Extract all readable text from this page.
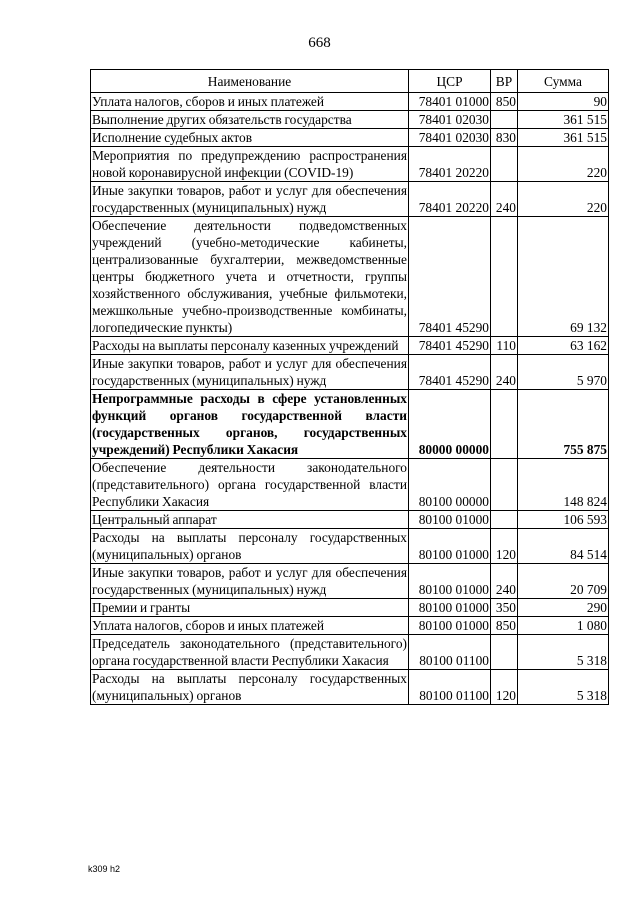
668
Наименование	ЦСР	ВР	Сумма
Уплата налогов, сборов и иных платежей	78401 01000	850	90
Выполнение других обязательств государства	78401 02030		361 515
Исполнение судебных актов	78401 02030	830	361 515
Мероприятия по предупреждению распространения новой коронавирусной инфекции (COVID-19)	78401 20220		220
Иные закупки товаров, работ и услуг для обеспечения государственных (муниципальных) нужд	78401 20220	240	220
Обеспечение деятельности подведомственных учреждений (учебно-методические кабинеты, централизованные бухгалтерии, межведомственные центры бюджетного учета и отчетности, группы хозяйственного обслуживания, учебные фильмотеки, межшкольные учебно-производственные комбинаты, логопедические пункты)	78401 45290		69 132
Расходы на выплаты персоналу казенных учреждений	78401 45290	110	63 162
Иные закупки товаров, работ и услуг для обеспечения государственных (муниципальных) нужд	78401 45290	240	5 970
Непрограммные расходы в сфере установленных функций органов государственной власти (государственных органов, государственных учреждений) Республики Хакасия	80000 00000		755 875
Обеспечение деятельности законодательного (представительного) органа государственной власти Республики Хакасия	80100 00000		148 824
Центральный аппарат	80100 01000		106 593
Расходы на выплаты персоналу государственных (муниципальных) органов	80100 01000	120	84 514
Иные закупки товаров, работ и услуг для обеспечения государственных (муниципальных) нужд	80100 01000	240	20 709
Премии и гранты	80100 01000	350	290
Уплата налогов, сборов и иных платежей	80100 01000	850	1 080
Председатель законодательного (представительного) органа государственной власти Республики Хакасия	80100 01100		5 318
Расходы на выплаты персоналу государственных (муниципальных) органов	80100 01100	120	5 318
k309 h2
